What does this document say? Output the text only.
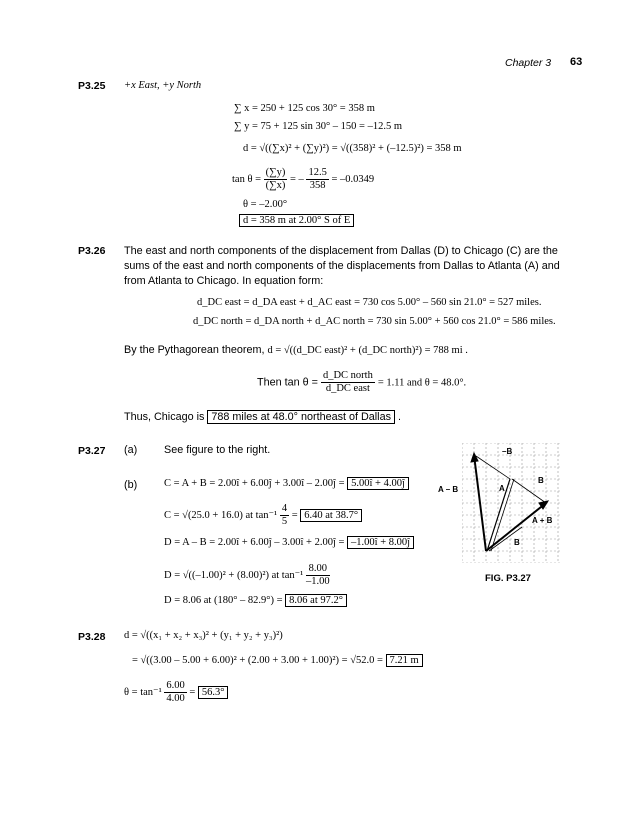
Chapter 3 63
P3.25 +x East, +y North
∑ x = 250 + 125 cos 30° = 358 m
∑ y = 75 + 125 sin 30° – 150 = –12.5 m
d = √((∑x)² + (∑y)²) = √((358)² + (–12.5)²) = 358 m
$\tan \theta = \frac{(\sum y)}{(\sum x)}$ = – $\frac{12.5}{358} = -0.0349$
θ = –2.00°
d = 358 m at 2.00° S of E
P3.26 The east and north components of the displacement from Dallas (D) to Chicago (C) are the sums of the east and north components of the displacements from Dallas to Atlanta (A) and from Atlanta to Chicago. In equation form:
d_DC east = d_DA east + d_AC east = 730 cos 5.00° – 560 sin 21.0° = 527 miles.
d_DC north = d_DA north + d_AC north = 730 sin 5.00° + 560 cos 21.0° = 586 miles.
By the Pythagorean theorem, d = √((d_DC east)² + (d_DC north)²) = 788 mi .
Then $\tan \theta = \frac{\text{d\_DC north}}{\text{d\_DC east}} = 1.11$ and θ = 48.0°.
Thus, Chicago is 788 miles at 48.0° northeast of Dallas .
P3.27 (a) See figure to the right.
(b)	C = A + B = 2.00î + 6.00ĵ + 3.00î – 2.00ĵ = 5.00î + 4.00ĵ
C = √(25.0 + 16.0) at $\tan^{-1} \frac{4}{5} = 6.40$ at 38.7°
D = A – B = 2.00î + 6.00ĵ – 3.00î + 2.00ĵ = –1.00î + 8.00ĵ
D = √((–1.00)² + (8.00)²) at $\tan^{-1} \frac{8.00}{-1.00}$
D = 8.06 at (180° – 82.9°) = 8.06 at 97.2°
–B
B
A
B
A – B
A + B
FIG. P3.27
P3.28 d = √((x₁ + x₂ + x₃)² + (y₁ + y₂ + y₃)²)
= √((3.00 – 5.00 + 6.00)² + (2.00 + 3.00 + 1.00)²) = √52.0 = 7.21 m
$\theta = \tan^{-1} \frac{6.00}{4.00} = 56.3^\circ$
